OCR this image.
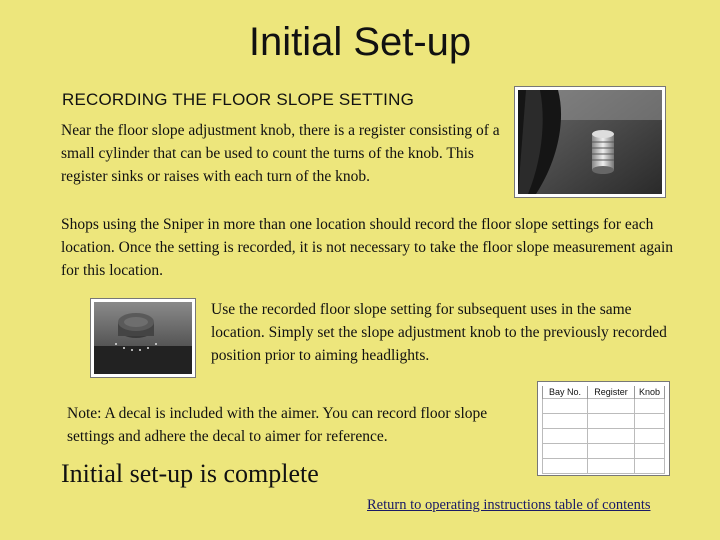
Initial Set-up
RECORDING THE FLOOR SLOPE SETTING
Near the floor slope adjustment knob, there is a register consisting of a small cylinder that can be used to count the turns of the knob. This register sinks or raises with each turn of the knob.
Shops using the Sniper in more than one location should record the floor slope settings for each location. Once the setting is recorded, it is not necessary to take the floor slope measurement again for this location.
Use the recorded floor slope setting for subsequent uses in the same location. Simply set the slope adjustment knob to the previously recorded position prior to aiming headlights.
Note: A decal is included with the aimer. You can record floor slope settings and adhere the decal to aimer for reference.
Bay No.	Register	Knob

Initial set-up is complete
Return to operating instructions table of contents
